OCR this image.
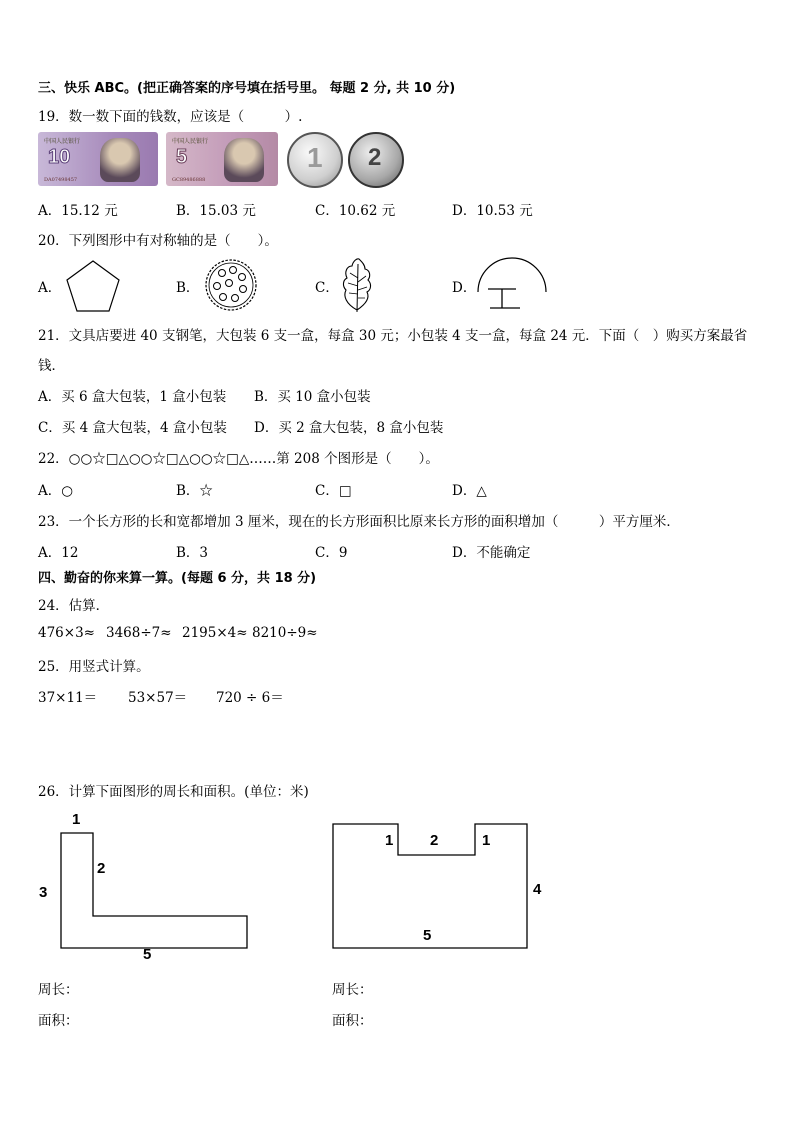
三、快乐 ABC。(把正确答案的序号填在括号里。 每题 2 分, 共 10 分)
19．数一数下面的钱数，应该是（　　　）.
中国人民银行
10
DA07498457
中国人民银行
5
GC89486888
1 2
A．15.12 元	B．15.03 元	C．10.62 元	D．10.53 元
20．下列图形中有对称轴的是（　　）。
A．	B．	C．	D．
21．文具店要进 40 支钢笔，大包装 6 支一盒，每盒 30 元；小包装 4 支一盒，每盒 24 元．下面（　）购买方案最省
钱．
A．买 6 盒大包装，1 盒小包装 B．买 10 盒小包装
C．买 4 盒大包装，4 盒小包装 D．买 2 盒大包装，8 盒小包装
22．○○☆□△○○☆□△○○☆□△……第 208 个图形是（　　）。
A．○	B．☆	C．□	D．△
23．一个长方形的长和宽都增加 3 厘米，现在的长方形面积比原来长方形的面积增加（　　　）平方厘米．
A．12	B．3	C．9	D．不能确定
四、勤奋的你来算一算。(每题 6 分，共 18 分)
24．估算．
476×3≈ 3468÷7≈ 2195×4≈ 8210÷9≈
25．用竖式计算。
37×11＝ 53×57＝ 720 ÷ 6＝
26．计算下面图形的周长和面积。(单位：米)
1
2
3
5
1 2	1
4
5
周长：
面积：
周长：
面积：
